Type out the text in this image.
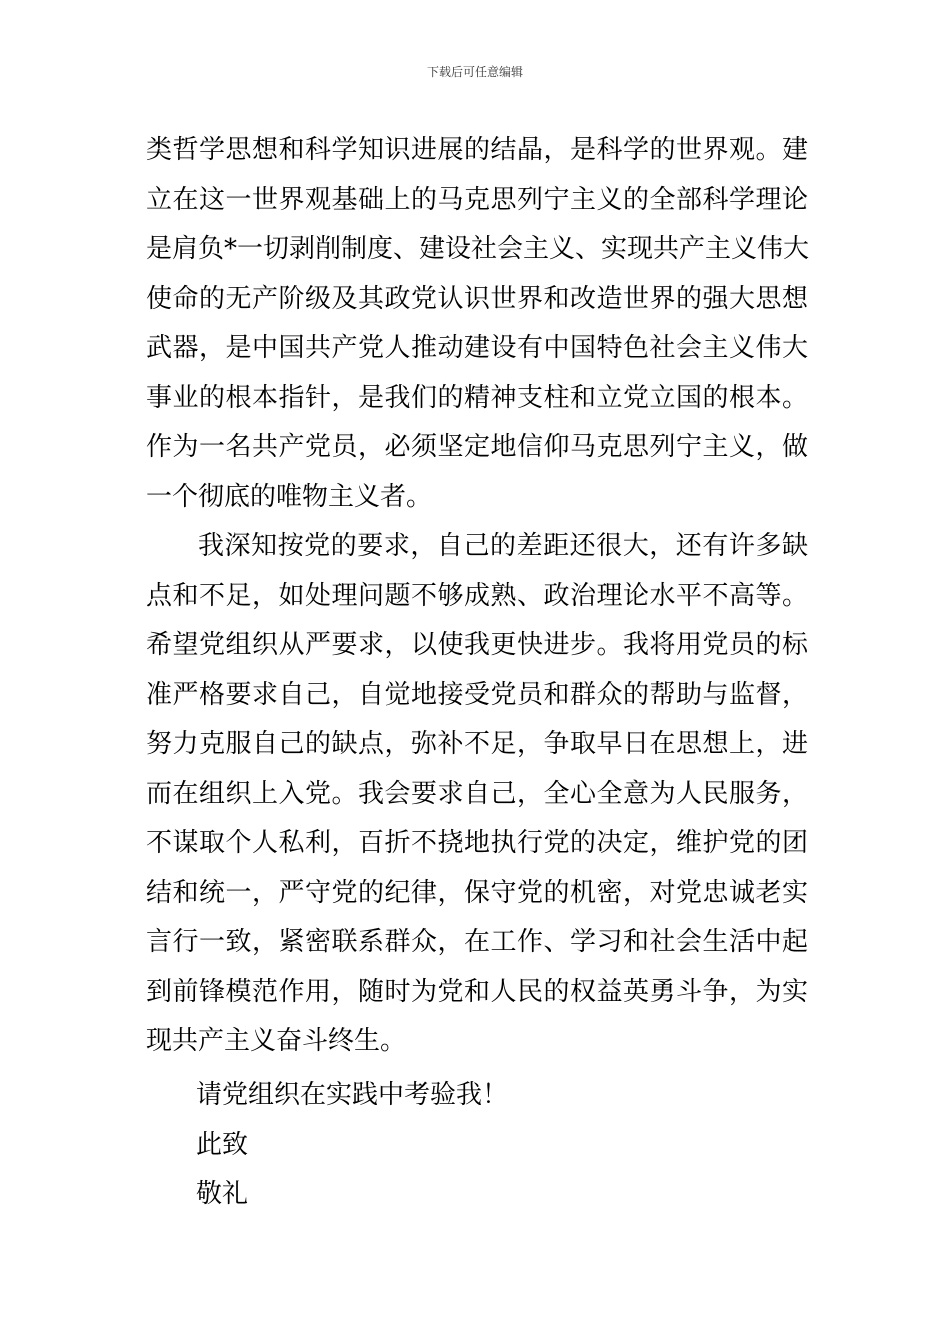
下载后可任意编辑
类哲学思想和科学知识进展的结晶，是科学的世界观。建
立在这一世界观基础上的马克思列宁主义的全部科学理论
是肩负*一切剥削制度、建设社会主义、实现共产主义伟大
使命的无产阶级及其政党认识世界和改造世界的强大思想
武器，是中国共产党人推动建设有中国特色社会主义伟大
事业的根本指针，是我们的精神支柱和立党立国的根本。
作为一名共产党员，必须坚定地信仰马克思列宁主义，做
一个彻底的唯物主义者。
我深知按党的要求，自己的差距还很大，还有许多缺
点和不足，如处理问题不够成熟、政治理论水平不高等。
希望党组织从严要求，以使我更快进步。我将用党员的标
准严格要求自己，自觉地接受党员和群众的帮助与监督，
努力克服自己的缺点，弥补不足，争取早日在思想上，进
而在组织上入党。我会要求自己，全心全意为人民服务，
不谋取个人私利，百折不挠地执行党的决定，维护党的团
结和统一，严守党的纪律，保守党的机密，对党忠诚老实
言行一致，紧密联系群众，在工作、学习和社会生活中起
到前锋模范作用，随时为党和人民的权益英勇斗争，为实
现共产主义奋斗终生。
请党组织在实践中考验我！
此致
敬礼
